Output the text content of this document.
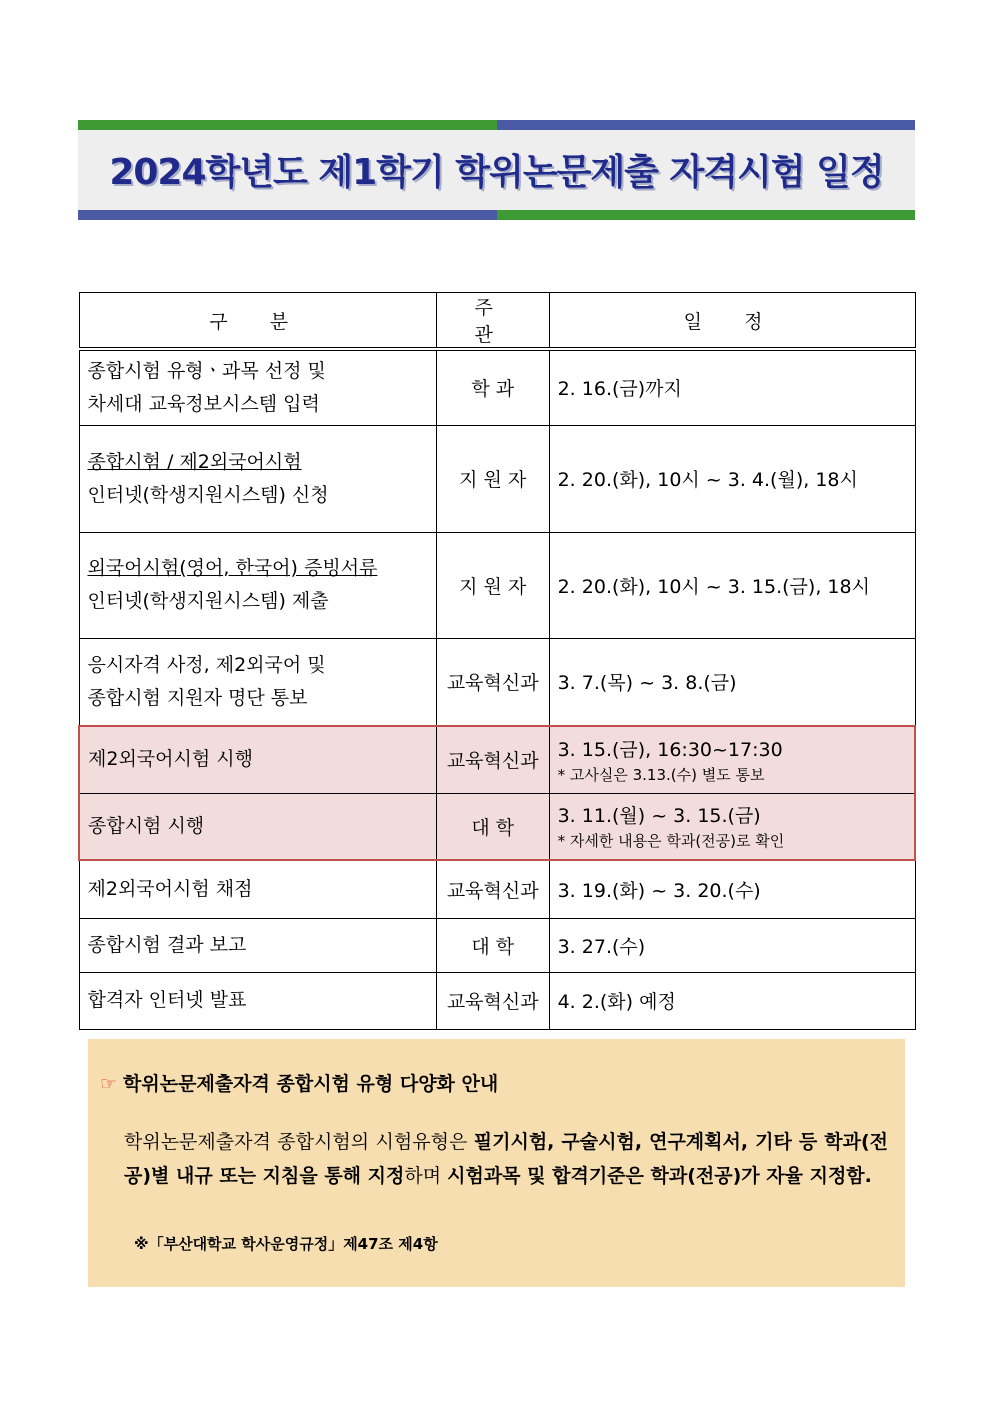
2024학년도 제1학기 학위논문제출 자격시험 일정
구 분	주 관	일 정
종합시험 유형ㆍ과목 선정 및
차세대 교육정보시스템 입력	학 과	2. 16.(금)까지
종합시험 / 제2외국어시험
인터넷(학생지원시스템) 신청	지 원 자	2. 20.(화), 10시 ~ 3. 4.(월), 18시
외국어시험(영어, 한국어) 증빙서류
인터넷(학생지원시스템) 제출	지 원 자	2. 20.(화), 10시 ~ 3. 15.(금), 18시
응시자격 사정, 제2외국어 및
종합시험 지원자 명단 통보	교육혁신과	3. 7.(목) ~ 3. 8.(금)
제2외국어시험 시행	교육혁신과	3. 15.(금), 16:30~17:30
* 고사실은 3.13.(수) 별도 통보

종합시험 시행	대 학	3. 11.(월) ~ 3. 15.(금)
* 자세한 내용은 학과(전공)로 확인

제2외국어시험 채점	교육혁신과	3. 19.(화) ~ 3. 20.(수)
종합시험 결과 보고	대 학	3. 27.(수)
합격자 인터넷 발표	교육혁신과	4. 2.(화) 예정
☞ 학위논문제출자격 종합시험 유형 다양화 안내
학위논문제출자격 종합시험의 시험유형은 필기시험, 구술시험, 연구계획서, 기타 등 학과(전공)별 내규 또는 지침을 통해 지정하며 시험과목 및 합격기준은 학과(전공)가 자율 지정함.
※「부산대학교 학사운영규정」제47조 제4항
